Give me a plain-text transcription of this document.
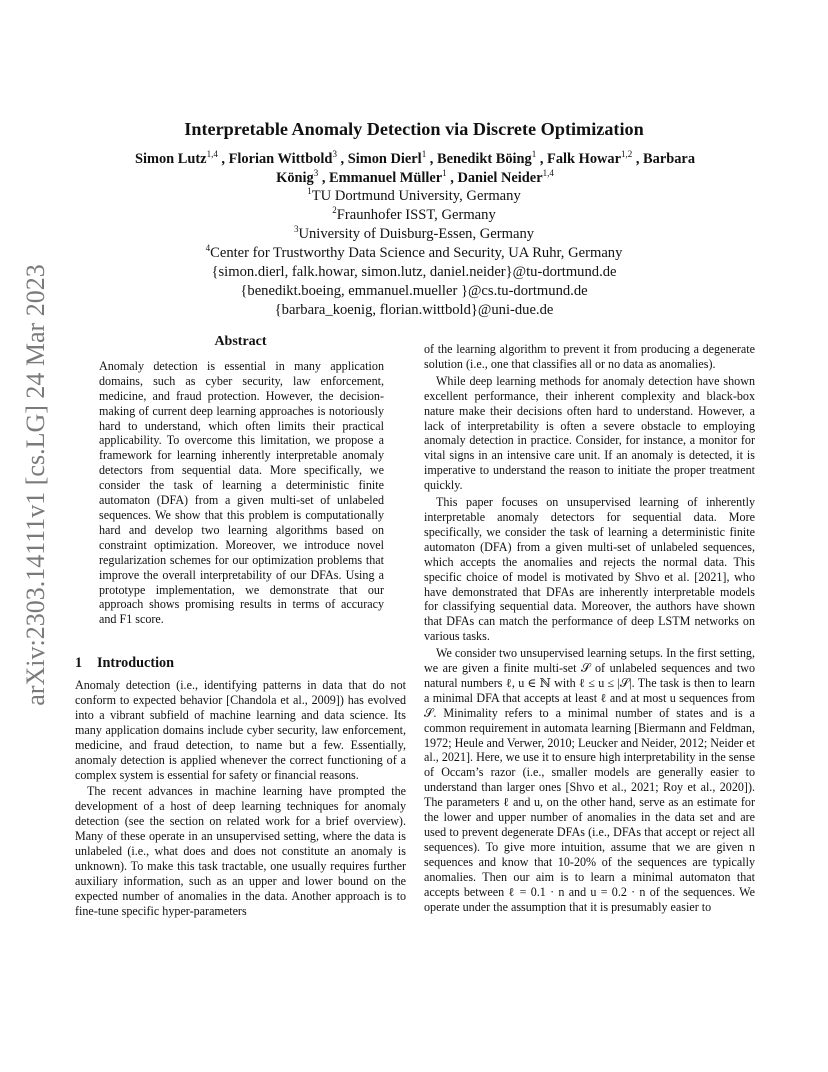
arXiv:2303.14111v1 [cs.LG] 24 Mar 2023
Interpretable Anomaly Detection via Discrete Optimization
Simon Lutz$^{1,4}$ , Florian Wittbold$^3$ , Simon Dierl$^1$ , Benedikt Böing$^1$ , Falk Howar$^{1,2}$ , Barbara
König$^3$ , Emmanuel Müller$^1$ , Daniel Neider$^{1,4}$
$^1$TU Dortmund University, Germany
$^2$Fraunhofer ISST, Germany
$^3$University of Duisburg-Essen, Germany
$^4$Center for Trustworthy Data Science and Security, UA Ruhr, Germany
{simon.dierl, falk.howar, simon.lutz, daniel.neider}@tu-dortmund.de
{benedikt.boeing, emmanuel.mueller }@cs.tu-dortmund.de
{barbara_koenig, florian.wittbold}@uni-due.de
Abstract

Anomaly detection is essential in many application domains, such as cyber security, law enforcement, medicine, and fraud protection. However, the decision-making of current deep learning approaches is notoriously hard to understand, which often limits their practical applicability. To overcome this limitation, we propose a framework for learning inherently interpretable anomaly detectors from sequential data. More specifically, we consider the task of learning a deterministic finite automaton (DFA) from a given multi-set of unlabeled sequences. We show that this problem is computationally hard and develop two learning algorithms based on constraint optimization. Moreover, we introduce novel regularization schemes for our optimization problems that improve the overall interpretability of our DFAs. Using a prototype implementation, we demonstrate that our approach shows promising results in terms of accuracy and F1 score.

1 Introduction

Anomaly detection (i.e., identifying patterns in data that do not conform to expected behavior [Chandola et al., 2009]) has evolved into a vibrant subfield of machine learning and data science. Its many application domains include cyber security, law enforcement, medicine, and fraud detection, to name but a few. Essentially, anomaly detection is applied whenever the correct functioning of a complex system is essential for safety or financial reasons.

The recent advances in machine learning have prompted the development of a host of deep learning techniques for anomaly detection (see the section on related work for a brief overview). Many of these operate in an unsupervised setting, where the data is unlabeled (i.e., what does and does not constitute an anomaly is unknown). To make this task tractable, one usually requires further auxiliary information, such as an upper and lower bound on the expected number of anomalies in the data. Another approach is to fine-tune specific hyper-parameters

of the learning algorithm to prevent it from producing a degenerate solution (i.e., one that classifies all or no data as anomalies).

While deep learning methods for anomaly detection have shown excellent performance, their inherent complexity and black-box nature make their decisions often hard to understand. However, a lack of interpretability is often a severe obstacle to employing anomaly detection in practice. Consider, for instance, a monitor for vital signs in an intensive care unit. If an anomaly is detected, it is imperative to understand the reason to initiate the proper treatment quickly.

This paper focuses on unsupervised learning of inherently interpretable anomaly detectors for sequential data. More specifically, we consider the task of learning a deterministic finite automaton (DFA) from a given multi-set of unlabeled sequences, which accepts the anomalies and rejects the normal data. This specific choice of model is motivated by Shvo et al. [2021], who have demonstrated that DFAs are inherently interpretable models for classifying sequential data. Moreover, the authors have shown that DFAs can match the performance of deep LSTM networks on various tasks.

We consider two unsupervised learning setups. In the first setting, we are given a finite multi-set 𝒮 of unlabeled sequences and two natural numbers ℓ, u ∈ ℕ with ℓ ≤ u ≤ |𝒮|. The task is then to learn a minimal DFA that accepts at least ℓ and at most u sequences from 𝒮. Minimality refers to a minimal number of states and is a common requirement in automata learning [Biermann and Feldman, 1972; Heule and Verwer, 2010; Leucker and Neider, 2012; Neider et al., 2021]. Here, we use it to ensure high interpretability in the sense of Occam’s razor (i.e., smaller models are generally easier to understand than larger ones [Shvo et al., 2021; Roy et al., 2020]). The parameters ℓ and u, on the other hand, serve as an estimate for the lower and upper number of anomalies in the data set and are used to prevent degenerate DFAs (i.e., DFAs that accept or reject all sequences). To give more intuition, assume that we are given n sequences and know that 10-20% of the sequences are typically anomalies. Then our aim is to learn a minimal automaton that accepts between ℓ = 0.1 · n and u = 0.2 · n of the sequences. We operate under the assumption that it is presumably easier to
